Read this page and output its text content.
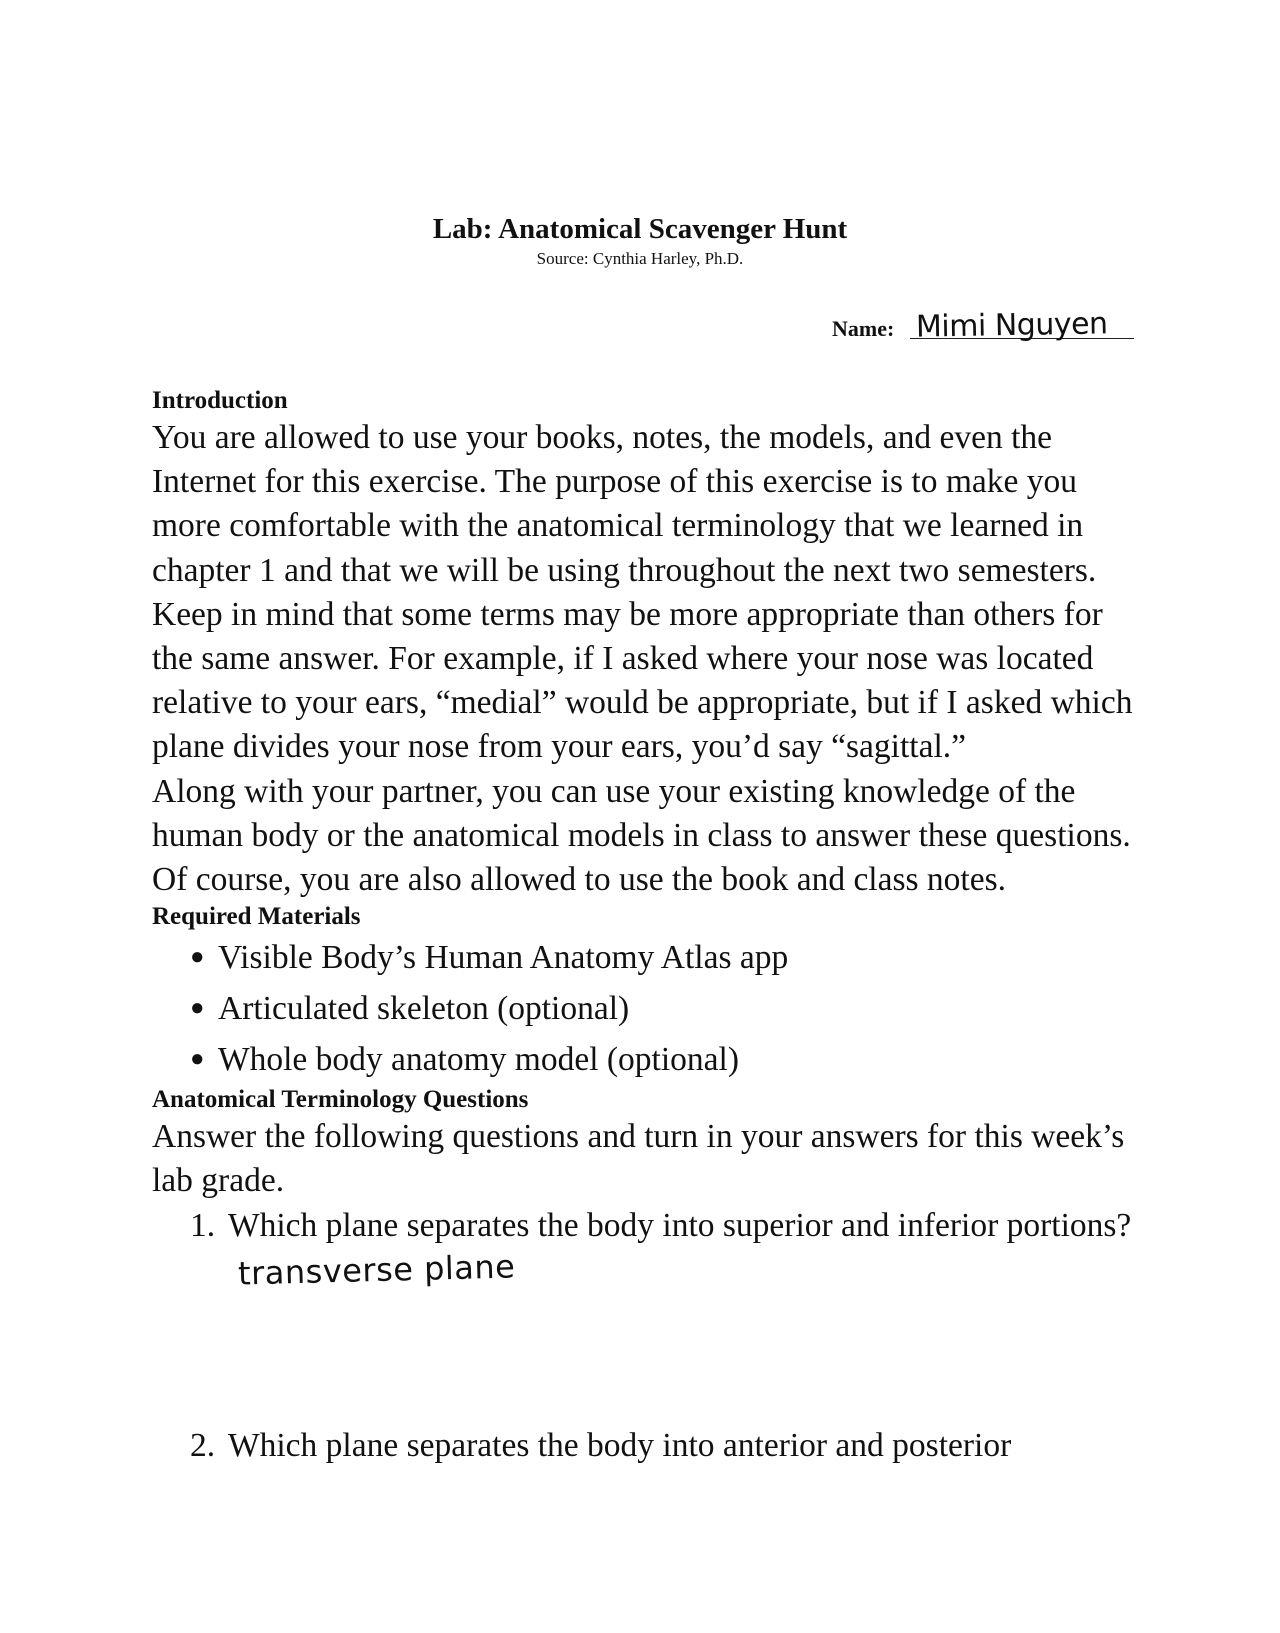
Lab: Anatomical Scavenger Hunt
Source: Cynthia Harley, Ph.D.
Name: Mimi Nguyen

Introduction

You are allowed to use your books, notes, the models, and even the Internet for this exercise. The purpose of this exercise is to make you more comfortable with the anatomical terminology that we learned in chapter 1 and that we will be using throughout the next two semesters. Keep in mind that some terms may be more appropriate than others for the same answer. For example, if I asked where your nose was located relative to your ears, “medial” would be appropriate, but if I asked which plane divides your nose from your ears, you’d say “sagittal.”

Along with your partner, you can use your existing knowledge of the human body or the anatomical models in class to answer these questions. Of course, you are also allowed to use the book and class notes.

Required Materials

● Visible Body’s Human Anatomy Atlas app
● Articulated skeleton (optional)
● Whole body anatomy model (optional)

Anatomical Terminology Questions

Answer the following questions and turn in your answers for this week’s lab grade.

1. Which plane separates the body into superior and inferior portions?transverse plane
2. Which plane separates the body into anterior and posterior
